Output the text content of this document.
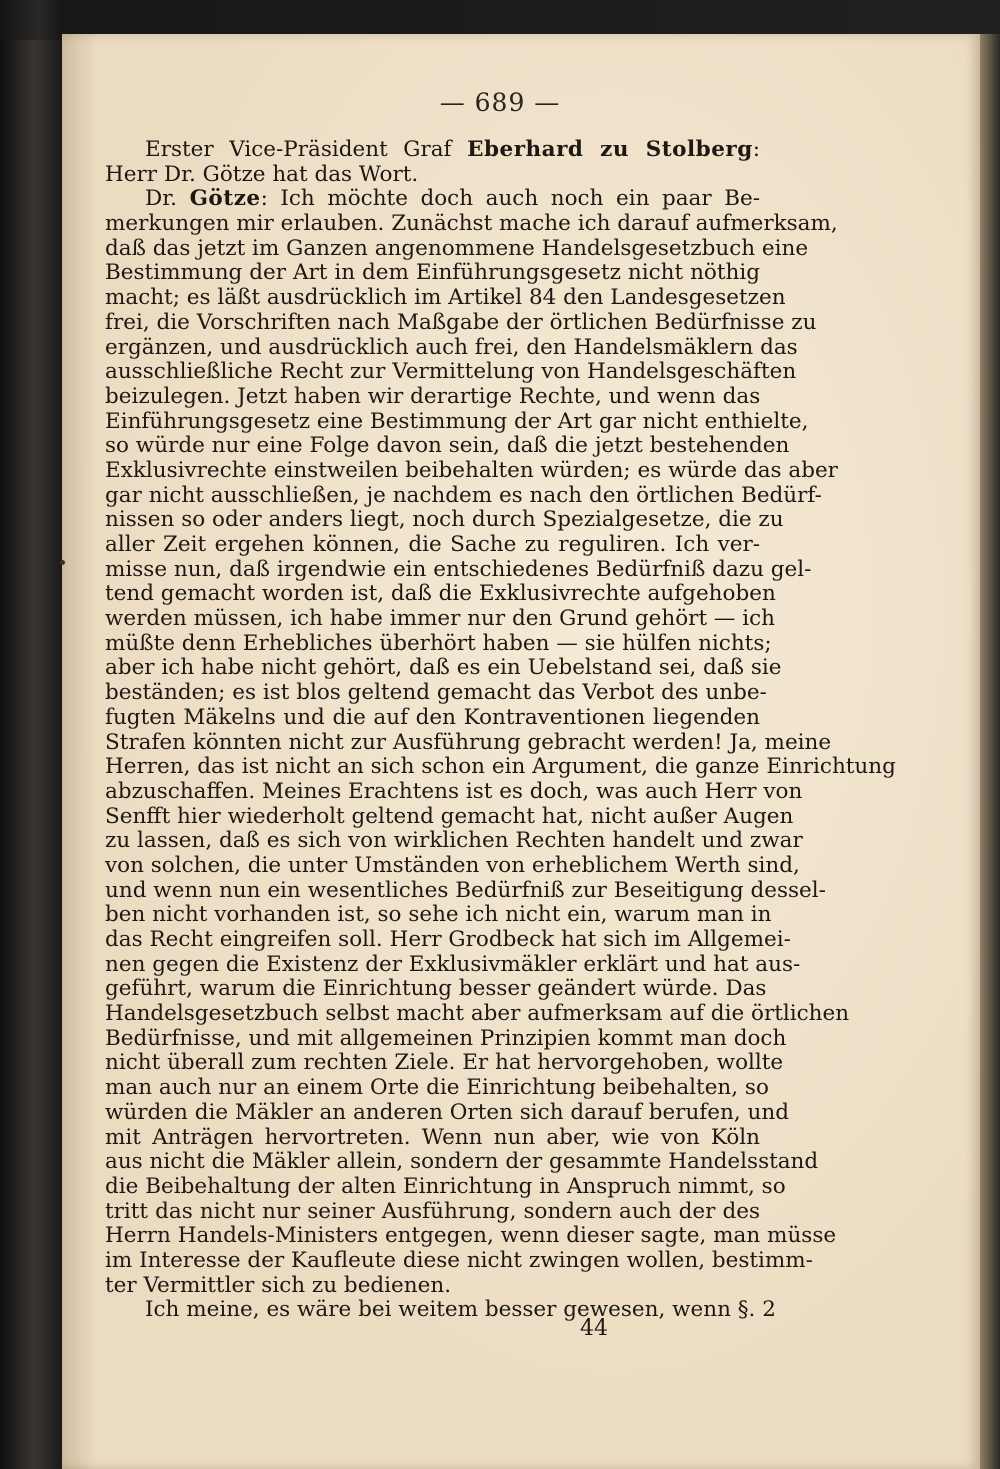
— 689 —
Erster Vice-Präsident Graf Eberhard zu Stolberg:
Herr Dr. Götze hat das Wort.
Dr. Götze: Ich möchte doch auch noch ein paar Be-
merkungen mir erlauben. Zunächst mache ich darauf aufmerksam,
daß das jetzt im Ganzen angenommene Handelsgesetzbuch eine
Bestimmung der Art in dem Einführungsgesetz nicht nöthig
macht; es läßt ausdrücklich im Artikel 84 den Landesgesetzen
frei, die Vorschriften nach Maßgabe der örtlichen Bedürfnisse zu
ergänzen, und ausdrücklich auch frei, den Handelsmäklern das
ausschließliche Recht zur Vermittelung von Handelsgeschäften
beizulegen. Jetzt haben wir derartige Rechte, und wenn das
Einführungsgesetz eine Bestimmung der Art gar nicht enthielte,
so würde nur eine Folge davon sein, daß die jetzt bestehenden
Exklusivrechte einstweilen beibehalten würden; es würde das aber
gar nicht ausschließen, je nachdem es nach den örtlichen Bedürf-
nissen so oder anders liegt, noch durch Spezialgesetze, die zu
aller Zeit ergehen können, die Sache zu reguliren. Ich ver-
misse nun, daß irgendwie ein entschiedenes Bedürfniß dazu gel-
tend gemacht worden ist, daß die Exklusivrechte aufgehoben
werden müssen, ich habe immer nur den Grund gehört — ich
müßte denn Erhebliches überhört haben — sie hülfen nichts;
aber ich habe nicht gehört, daß es ein Uebelstand sei, daß sie
beständen; es ist blos geltend gemacht das Verbot des unbe-
fugten Mäkelns und die auf den Kontraventionen liegenden
Strafen könnten nicht zur Ausführung gebracht werden! Ja, meine
Herren, das ist nicht an sich schon ein Argument, die ganze Einrichtung
abzuschaffen. Meines Erachtens ist es doch, was auch Herr von
Senfft hier wiederholt geltend gemacht hat, nicht außer Augen
zu lassen, daß es sich von wirklichen Rechten handelt und zwar
von solchen, die unter Umständen von erheblichem Werth sind,
und wenn nun ein wesentliches Bedürfniß zur Beseitigung dessel-
ben nicht vorhanden ist, so sehe ich nicht ein, warum man in
das Recht eingreifen soll. Herr Grodbeck hat sich im Allgemei-
nen gegen die Existenz der Exklusivmäkler erklärt und hat aus-
geführt, warum die Einrichtung besser geändert würde. Das
Handelsgesetzbuch selbst macht aber aufmerksam auf die örtlichen
Bedürfnisse, und mit allgemeinen Prinzipien kommt man doch
nicht überall zum rechten Ziele. Er hat hervorgehoben, wollte
man auch nur an einem Orte die Einrichtung beibehalten, so
würden die Mäkler an anderen Orten sich darauf berufen, und
mit Anträgen hervortreten. Wenn nun aber, wie von Köln
aus nicht die Mäkler allein, sondern der gesammte Handelsstand
die Beibehaltung der alten Einrichtung in Anspruch nimmt, so
tritt das nicht nur seiner Ausführung, sondern auch der des
Herrn Handels-Ministers entgegen, wenn dieser sagte, man müsse
im Interesse der Kaufleute diese nicht zwingen wollen, bestimm-
ter Vermittler sich zu bedienen.
Ich meine, es wäre bei weitem besser gewesen, wenn §. 2
44
